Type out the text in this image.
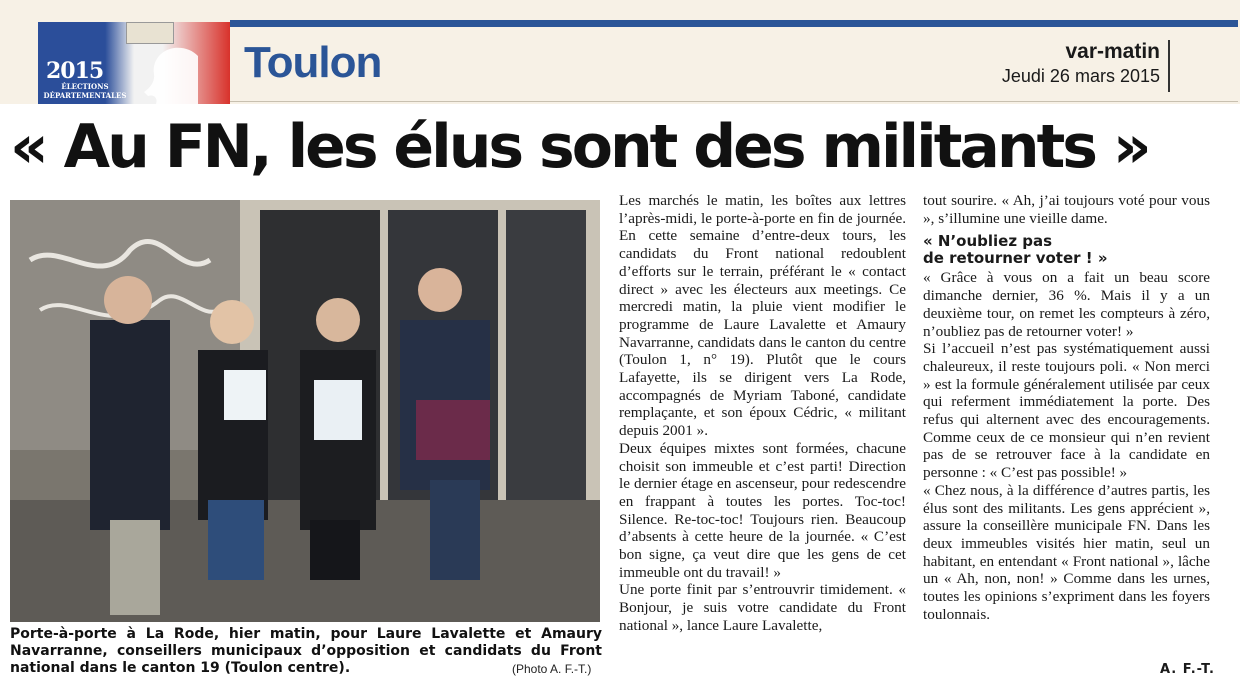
2015
ÉLECTIONS DÉPARTEMENTALES
Toulon	var-matin
Jeudi 26 mars 2015
« Au FN, les élus sont des militants »
Porte-à-porte à La Rode, hier matin, pour Laure Lavalette et Amaury Navarranne, conseillers municipaux d’opposition et candidats du Front national dans le canton 19 (Toulon centre).	(Photo A. F.-T.)

Les marchés le matin, les boîtes aux lettres l’après-midi, le porte-à-porte en fin de journée. En cette semaine d’entre-deux tours, les candidats du Front national redoublent d’efforts sur le terrain, préférant le « contact direct » avec les électeurs aux meetings. Ce mercredi matin, la pluie vient modifier le programme de Laure Lavalette et Amaury Navarranne, candidats dans le canton du centre (Toulon 1, n° 19). Plutôt que le cours Lafayette, ils se dirigent vers La Rode, accompagnés de Myriam Taboné, candidate remplaçante, et son époux Cédric, « militant depuis 2001 ».

Deux équipes mixtes sont formées, chacune choisit son immeuble et c’est parti! Direction le dernier étage en ascenseur, pour redescendre en frappant à toutes les portes. Toc-toc! Silence. Re-toc-toc! Toujours rien. Beaucoup d’absents à cette heure de la journée. « C’est bon signe, ça veut dire que les gens de cet immeuble ont du travail! »

Une porte finit par s’entrouvrir timidement. « Bonjour, je suis votre candidate du Front national », lance Laure Lavalette,

tout sourire. « Ah, j’ai toujours voté pour vous », s’illumine une vieille dame.

« N’oubliez pas
de retourner voter ! »

« Grâce à vous on a fait un beau score dimanche dernier, 36 %. Mais il y a un deuxième tour, on remet les compteurs à zéro, n’oubliez pas de retourner voter! »

Si l’accueil n’est pas systématiquement aussi chaleureux, il reste toujours poli. « Non merci » est la formule généralement utilisée par ceux qui referment immédiatement la porte. Des refus qui alternent avec des encouragements. Comme ceux de ce monsieur qui n’en revient pas de se retrouver face à la candidate en personne : « C’est pas possible! »

« Chez nous, à la différence d’autres partis, les élus sont des militants. Les gens apprécient », assure la conseillère municipale FN. Dans les deux immeubles visités hier matin, seul un habitant, en entendant « Front national », lâche un « Ah, non, non! » Comme dans les urnes, toutes les opinions s’expriment dans les foyers toulonnais.

A. F.-T.
